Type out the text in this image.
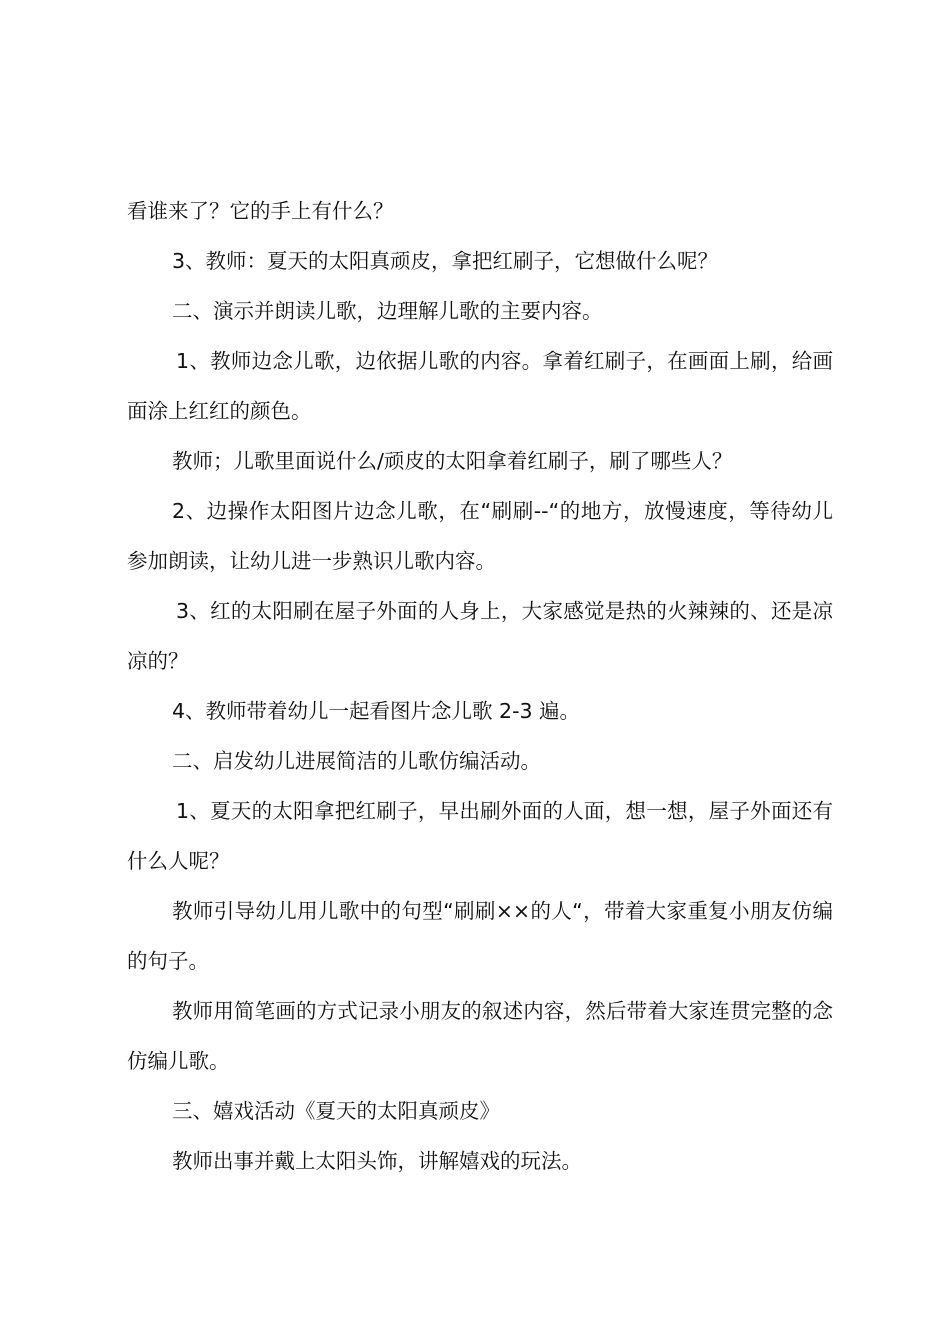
看谁来了？它的手上有什么？

3、教师：夏天的太阳真顽皮，拿把红刷子，它想做什么呢？

二、演示并朗读儿歌，边理解儿歌的主要内容。

1、教师边念儿歌，边依据儿歌的内容。拿着红刷子，在画面上刷，给画面涂上红红的颜色。

教师；儿歌里面说什么/顽皮的太阳拿着红刷子，刷了哪些人？

2、边操作太阳图片边念儿歌，在“刷刷--“的地方，放慢速度，等待幼儿参加朗读，让幼儿进一步熟识儿歌内容。

3、红的太阳刷在屋子外面的人身上，大家感觉是热的火辣辣的、还是凉凉的？

4、教师带着幼儿一起看图片念儿歌 2-3 遍。

二、启发幼儿进展简洁的儿歌仿编活动。

1、夏天的太阳拿把红刷子，早出刷外面的人面，想一想，屋子外面还有什么人呢？

教师引导幼儿用儿歌中的句型“刷刷××的人“，带着大家重复小朋友仿编的句子。

教师用简笔画的方式记录小朋友的叙述内容，然后带着大家连贯完整的念仿编儿歌。

三、嬉戏活动《夏天的太阳真顽皮》

教师出事并戴上太阳头饰，讲解嬉戏的玩法。
